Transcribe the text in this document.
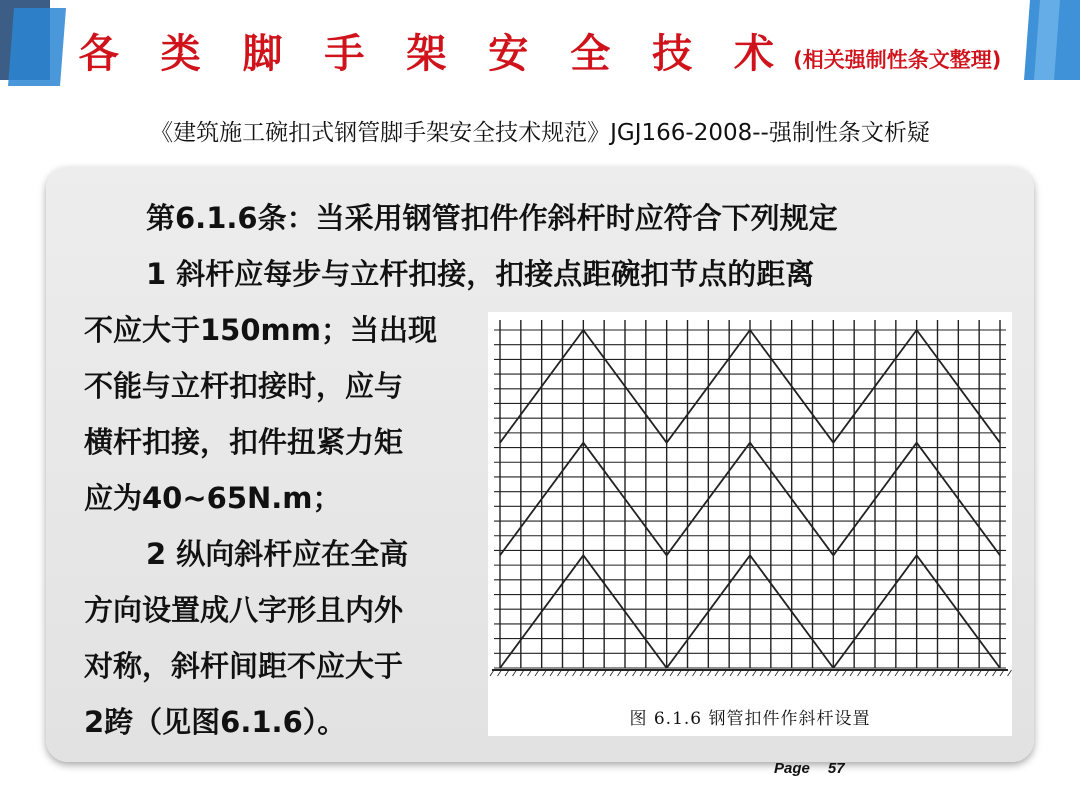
各 类 脚 手 架 安 全 技 术 (相关强制性条文整理)
《建筑施工碗扣式钢管脚手架安全技术规范》JGJ166-2008--强制性条文析疑
第6.1.6条：当采用钢管扣件作斜杆时应符合下列规定
1 斜杆应每步与立杆扣接，扣接点距碗扣节点的距离
不应大于150mm；当出现
不能与立杆扣接时，应与
横杆扣接，扣件扭紧力矩
应为40~65N.m；
2 纵向斜杆应在全高
方向设置成八字形且内外
对称，斜杆间距不应大于
2跨（见图6.1.6）。	图 6.1.6 钢管扣件作斜杆设置
Page 57
